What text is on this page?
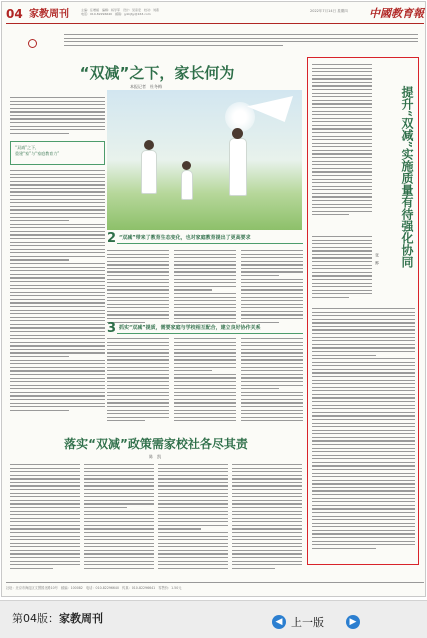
04 家教周刊	主编：任增援　编辑：杨学军　设计：吴彦宏　校对：刘燕
电话：010-82296640　邮箱：jyzkjtjy@163.com
2022年7月14日 星期四 中國教育報
“双减”之下，家长何为
本报记者　杜冬梅
“双减”之下，
重建“家”与“家庭教育力”
2 “双减”带来了教育生态变化，也对家庭教育提出了更高要求
3 抓实“双减”提质，需要家庭与学校相互配合，建立良好协作关系
提升“双减”实施质量有待强化协同
张　晔
落实“双减”政策需家校社各尽其责
陈　凯
社址：北京市海淀区文慧园北路10号　邮编：100082　电话：010-82296640　传真：010-82296641　零售价：1.50元
第04版：家教周刊	◀ 上一版	▶
